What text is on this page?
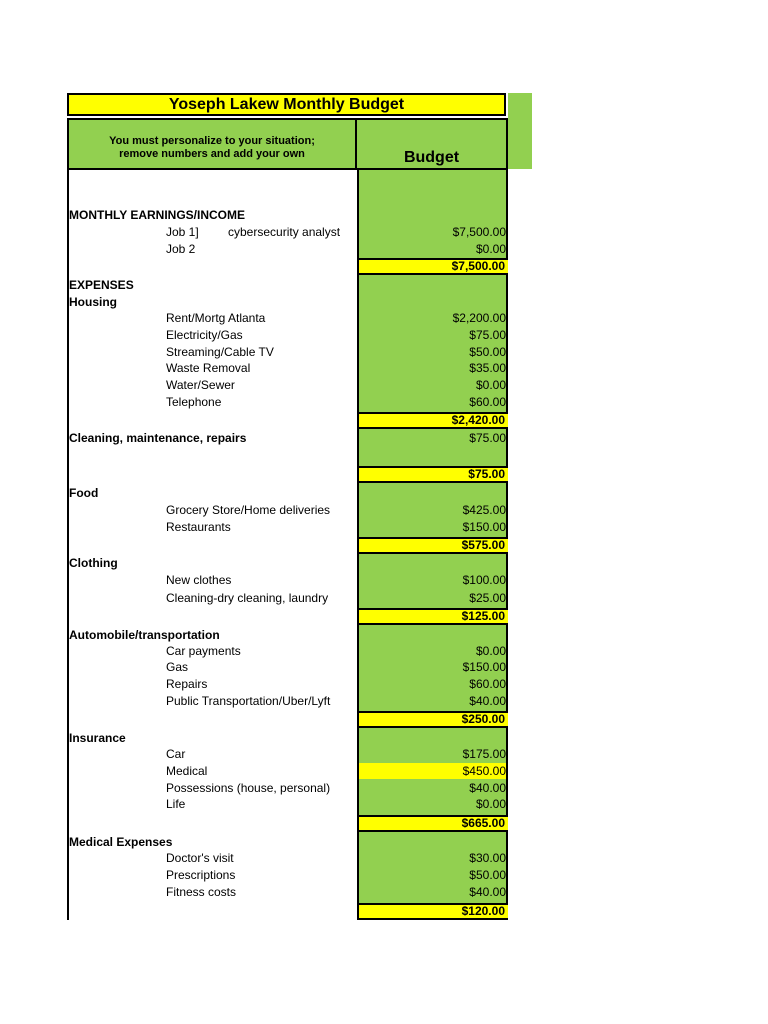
Yoseph Lakew Monthly Budget
You must personalize to your situation;
remove numbers and add your own	Budget
MONTHLY EARNINGS/INCOME
Job 1] cybersecurity analyst	$7,500.00
Job 2	$0.00
$7,500.00
EXPENSES
Housing
Rent/Mortg Atlanta	$2,200.00
Electricity/Gas	$75.00
Streaming/Cable TV	$50.00
Waste Removal	$35.00
Water/Sewer	$0.00
Telephone	$60.00
$2,420.00
Cleaning, maintenance, repairs	$75.00
$75.00
Food
Grocery Store/Home deliveries	$425.00
Restaurants	$150.00
$575.00
Clothing
New clothes	$100.00
Cleaning-dry cleaning, laundry	$25.00
$125.00
Automobile/transportation
Car payments	$0.00
Gas	$150.00
Repairs	$60.00
Public Transportation/Uber/Lyft	$40.00
$250.00
Insurance
Car	$175.00
Medical	$450.00
Possessions (house, personal)	$40.00
Life	$0.00
$665.00
Medical Expenses
Doctor's visit	$30.00
Prescriptions	$50.00
Fitness costs	$40.00
$120.00
